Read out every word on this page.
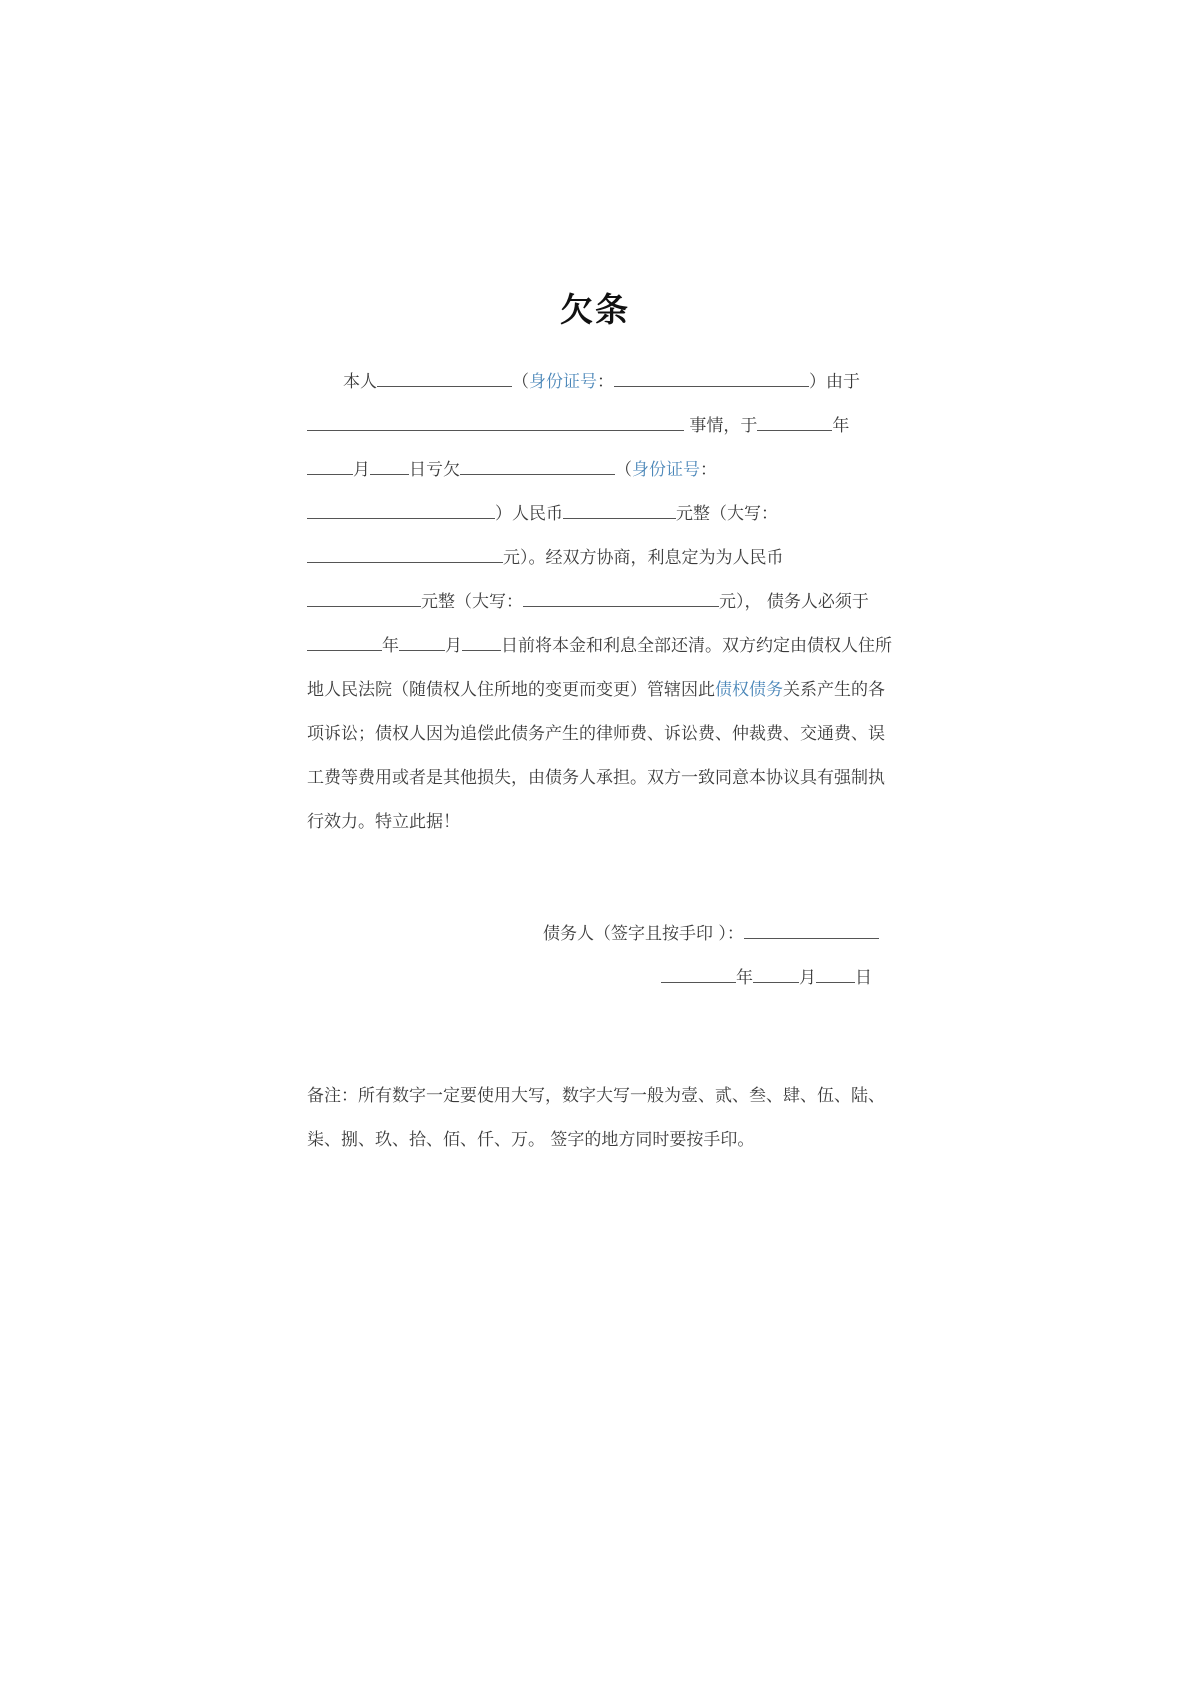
欠条
本人	（身份证号：	）由于
事情，于	年
月 日亏欠	（身份证号：
）人民币	元整（大写：
元）。经双方协商，利息定为为人民币
元整（大写：	元）， 债务人必须于
年	月 日前将本金和利息全部还清。双方约定由债权人住所
地人民法院（随债权人住所地的变更而变更）管辖因此债权债务关系产生的各
项诉讼；债权人因为追偿此债务产生的律师费、诉讼费、仲裁费、交通费、误
工费等费用或者是其他损失，由债务人承担。双方一致同意本协议具有强制执
行效力。特立此据！
债务人（签字且按手印 ）：
年	月 日
备注：所有数字一定要使用大写，数字大写一般为壹、贰、叁、肆、伍、陆、
柒、捌、玖、拾、佰、仟、万。 签字的地方同时要按手印。
